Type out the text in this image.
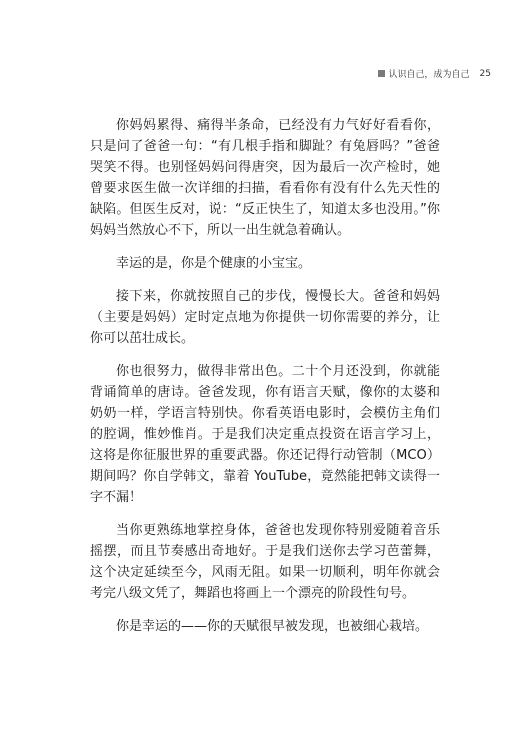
认识自己，成为自己 25

你妈妈累得、痛得半条命，已经没有力气好好看看你，只是问了爸爸一句：“有几根手指和脚趾？有兔唇吗？”爸爸哭笑不得。也别怪妈妈问得唐突，因为最后一次产检时，她曾要求医生做一次详细的扫描，看看你有没有什么先天性的缺陷。但医生反对，说：“反正快生了，知道太多也没用。”你妈妈当然放心不下，所以一出生就急着确认。

幸运的是，你是个健康的小宝宝。

接下来，你就按照自己的步伐，慢慢长大。爸爸和妈妈（主要是妈妈）定时定点地为你提供一切你需要的养分，让你可以茁壮成长。

你也很努力，做得非常出色。二十个月还没到，你就能背诵简单的唐诗。爸爸发现，你有语言天赋，像你的太婆和奶奶一样，学语言特别快。你看英语电影时，会模仿主角们的腔调，惟妙惟肖。于是我们决定重点投资在语言学习上，这将是你征服世界的重要武器。你还记得行动管制（MCO）期间吗？你自学韩文，靠着 YouTube，竟然能把韩文读得一字不漏！

当你更熟练地掌控身体，爸爸也发现你特别爱随着音乐摇摆，而且节奏感出奇地好。于是我们送你去学习芭蕾舞，这个决定延续至今，风雨无阻。如果一切顺利，明年你就会考完八级文凭了，舞蹈也将画上一个漂亮的阶段性句号。

你是幸运的——你的天赋很早被发现，也被细心栽培。
